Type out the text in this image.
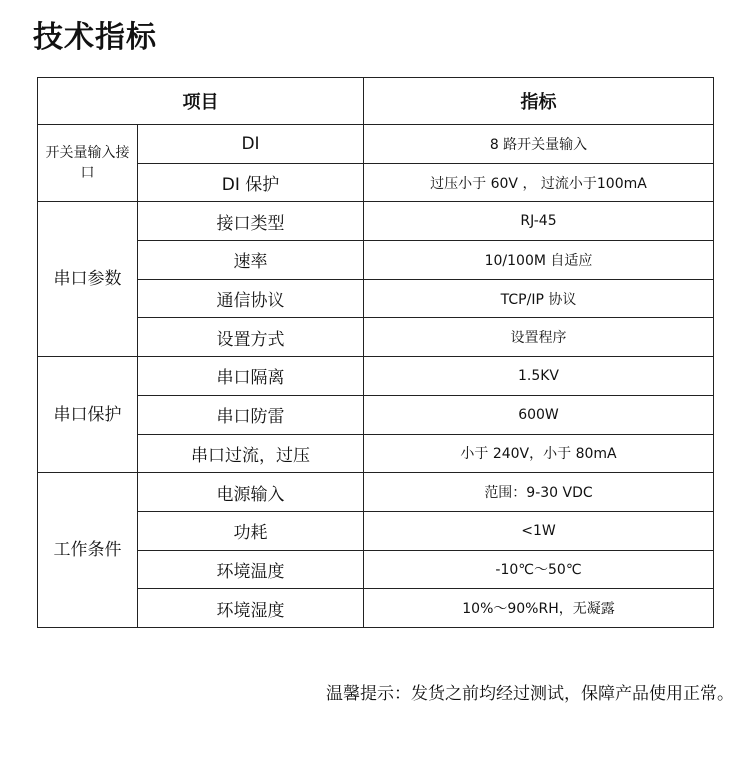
技术指标
项目		指标
开关量输入接口	DI	8 路开关量输入
	DI 保护	过压小于 60V ， 过流小于100mA
串口参数	接口类型	RJ-45
	速率	10/100M 自适应
	通信协议	TCP/IP 协议
	设置方式	设置程序
串口保护	串口隔离	1.5KV
	串口防雷	600W
	串口过流，过压	小于 240V，小于 80mA
工作条件	电源输入	范围：9-30 VDC
	功耗	<1W
	环境温度	-10℃～50℃
	环境湿度	10%～90%RH，无凝露
温馨提示：发货之前均经过测试，保障产品使用正常。
